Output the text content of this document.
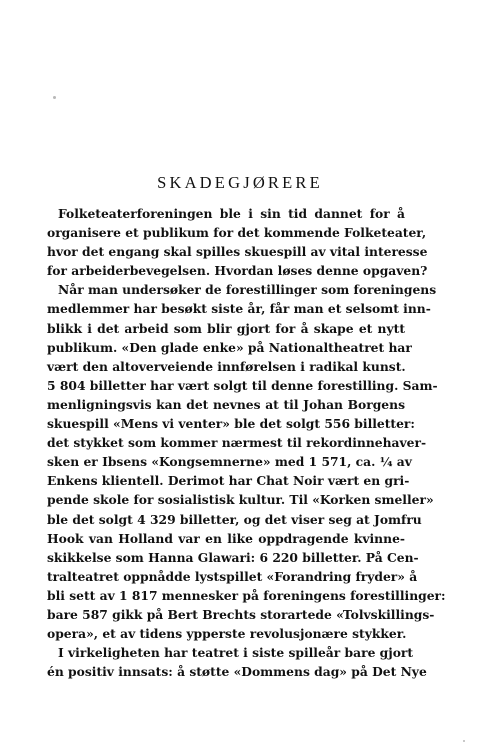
SKADEGJØRERE
Folketeaterforeningen ble i sin tid dannet for å
organisere et publikum for det kommende Folketeater,
hvor det engang skal spilles skuespill av vital interesse
for arbeiderbevegelsen. Hvordan løses denne opgaven?
Når man undersøker de forestillinger som foreningens
medlemmer har besøkt siste år, får man et selsomt inn-
blikk i det arbeid som blir gjort for å skape et nytt
publikum. «Den glade enke» på Nationaltheatret har
vært den altoverveiende innførelsen i radikal kunst.
5 804 billetter har vært solgt til denne forestilling. Sam-
menligningsvis kan det nevnes at til Johan Borgens
skuespill «Mens vi venter» ble det solgt 556 billetter:
det stykket som kommer nærmest til rekordinnehaver-
sken er Ibsens «Kongsemnerne» med 1 571, ca. ¼ av
Enkens klientell. Derimot har Chat Noir vært en gri-
pende skole for sosialistisk kultur. Til «Korken smeller»
ble det solgt 4 329 billetter, og det viser seg at Jomfru
Hook van Holland var en like oppdragende kvinne-
skikkelse som Hanna Glawari: 6 220 billetter. På Cen-
tralteatret oppnådde lystspillet «Forandring fryder» å
bli sett av 1 817 mennesker på foreningens forestillinger:
bare 587 gikk på Bert Brechts storartede «Tolvskillings-
opera», et av tidens ypperste revolusjonære stykker.
I virkeligheten har teatret i siste spilleår bare gjort
én positiv innsats: å støtte «Dommens dag» på Det Nye
